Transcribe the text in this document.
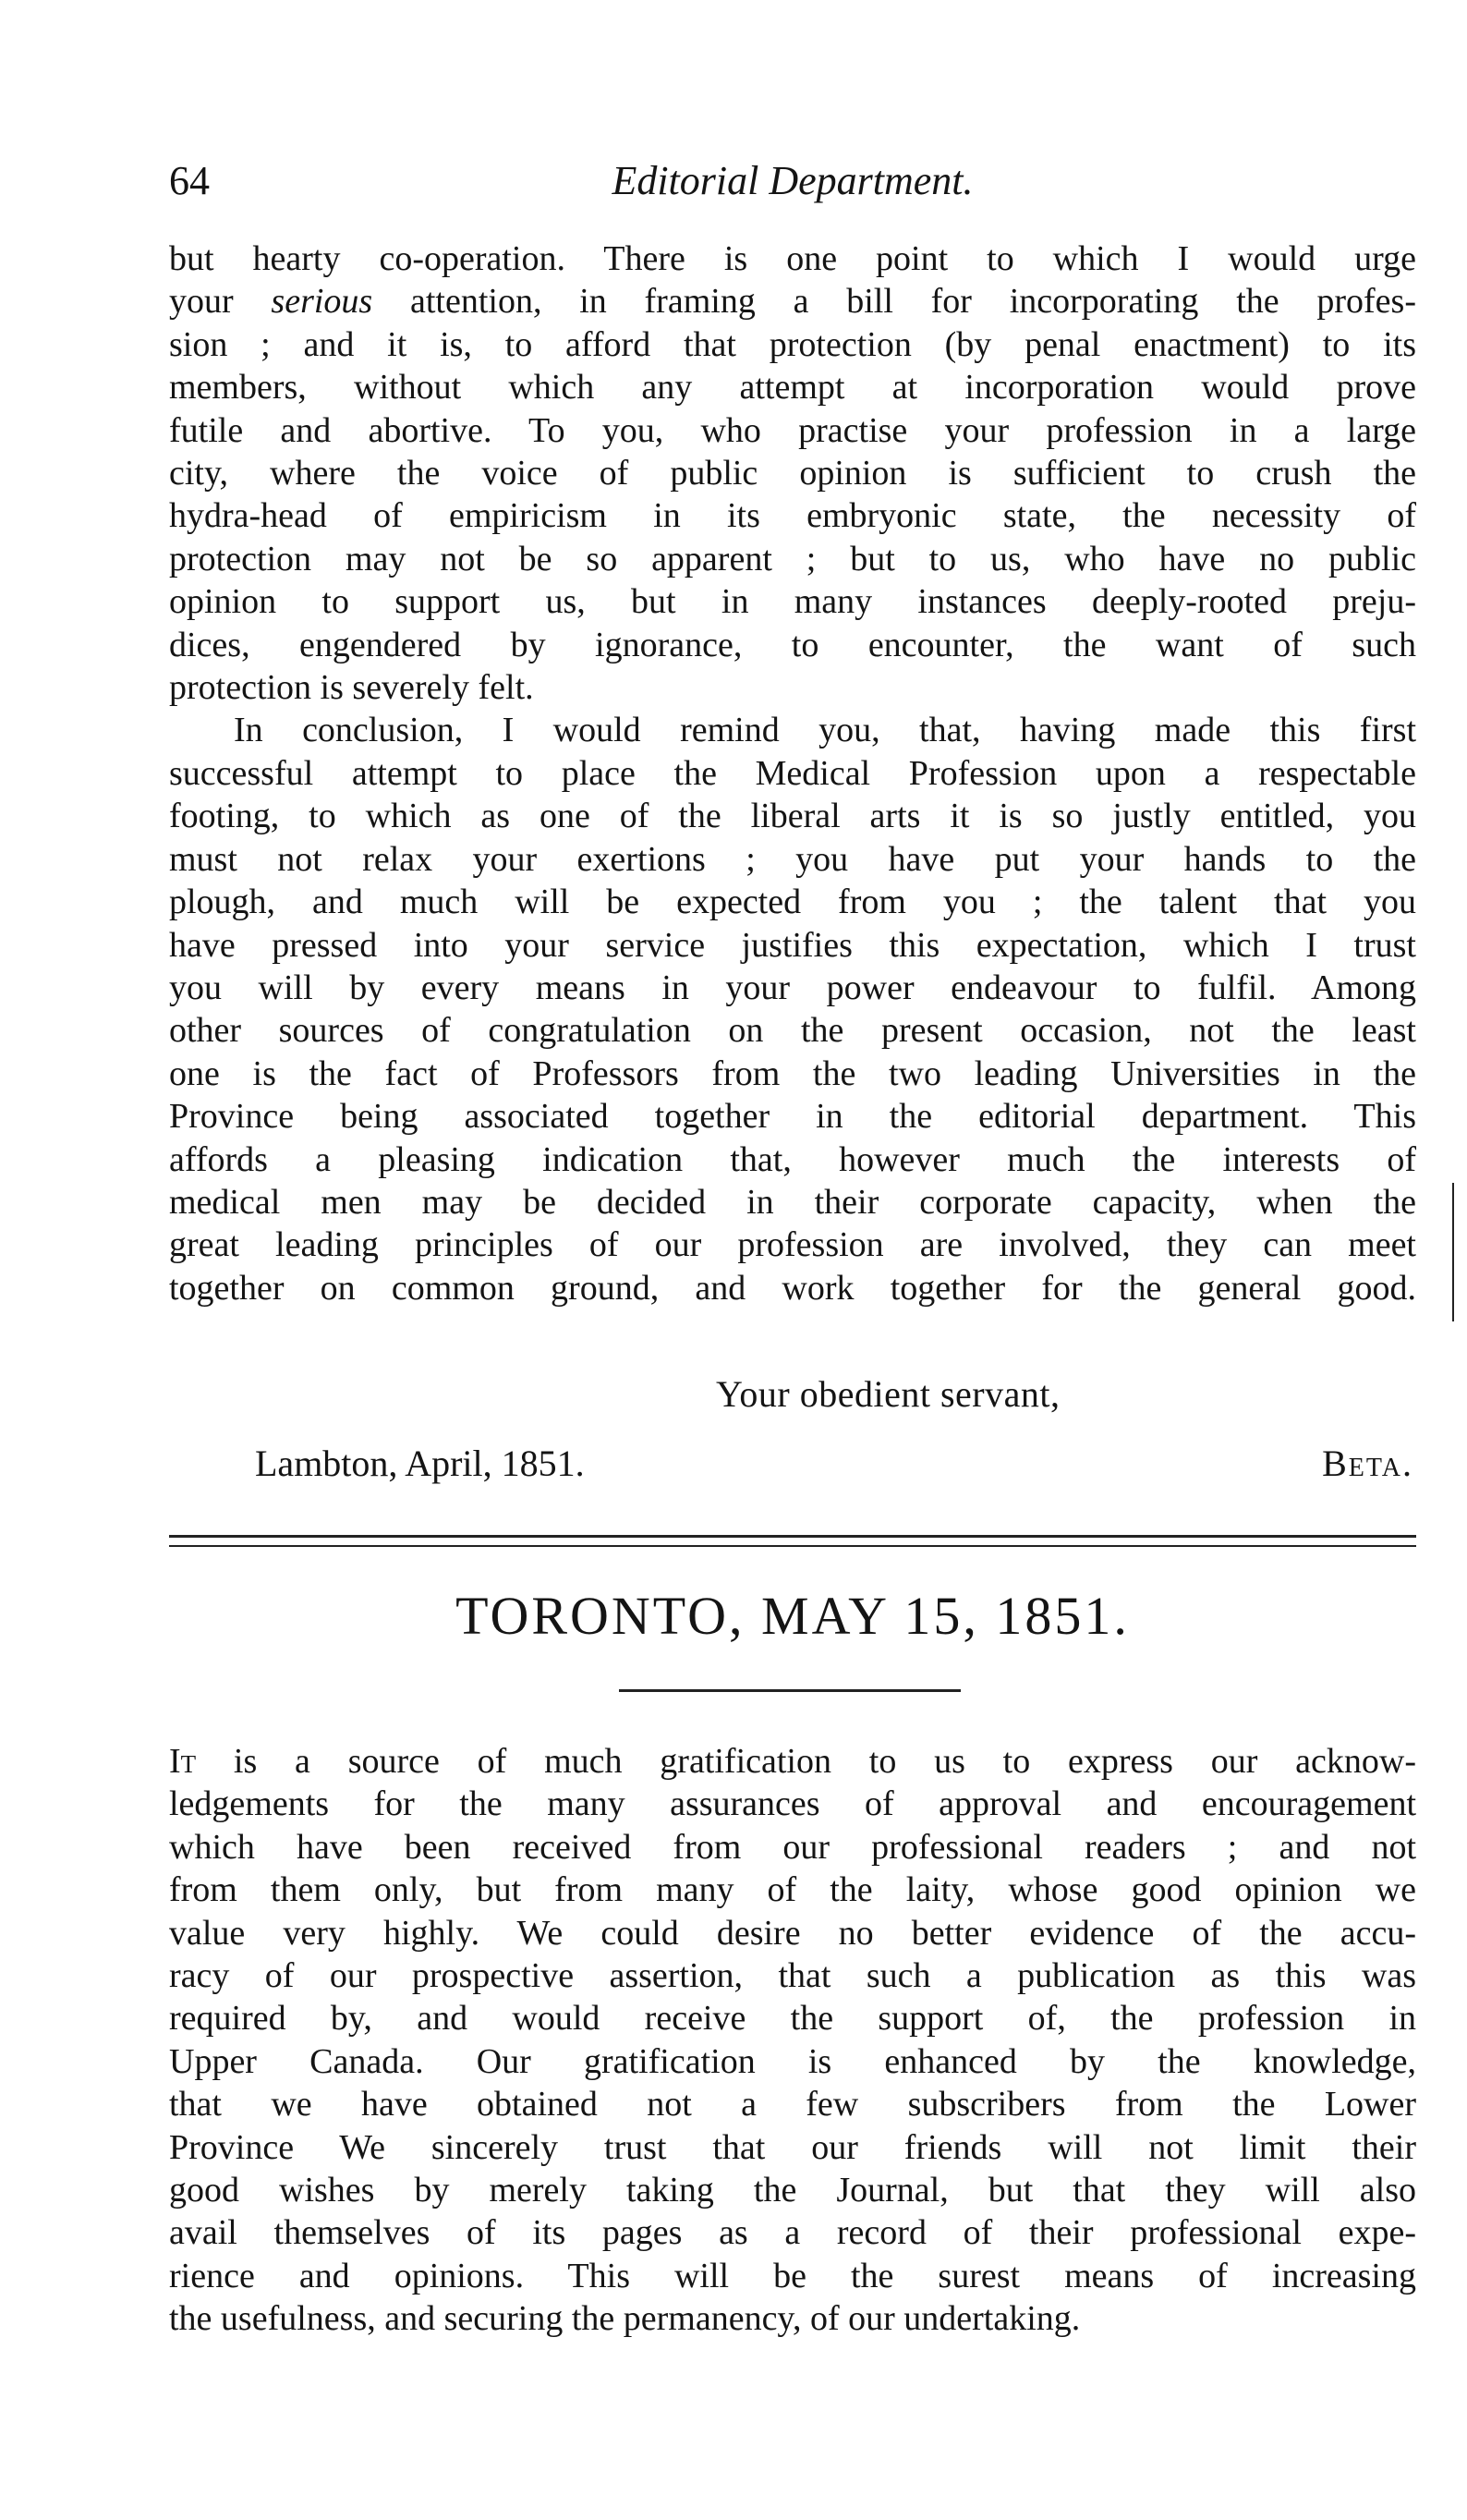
64	Editorial Department.
but hearty co-operation. There is one point to which I would urge
your serious attention, in framing a bill for incorporating the profes-
sion ; and it is, to afford that protection (by penal enactment) to its
members, without which any attempt at incorporation would prove
futile and abortive. To you, who practise your profession in a large
city, where the voice of public opinion is sufficient to crush the
hydra-head of empiricism in its embryonic state, the necessity of
protection may not be so apparent ; but to us, who have no public
opinion to support us, but in many instances deeply-rooted preju-
dices, engendered by ignorance, to encounter, the want of such
protection is severely felt.
In conclusion, I would remind you, that, having made this first
successful attempt to place the Medical Profession upon a respectable
footing, to which as one of the liberal arts it is so justly entitled, you
must not relax your exertions ; you have put your hands to the
plough, and much will be expected from you ; the talent that you
have pressed into your service justifies this expectation, which I trust
you will by every means in your power endeavour to fulfil. Among
other sources of congratulation on the present occasion, not the least
one is the fact of Professors from the two leading Universities in the
Province being associated together in the editorial department. This
affords a pleasing indication that, however much the interests of
medical men may be decided in their corporate capacity, when the
great leading principles of our profession are involved, they can meet
together on common ground, and work together for the general good.
Your obedient servant,
Lambton, April, 1851.	Beta.
TORONTO, MAY 15, 1851.
It is a source of much gratification to us to express our acknow-
ledgements for the many assurances of approval and encouragement
which have been received from our professional readers ; and not
from them only, but from many of the laity, whose good opinion we
value very highly. We could desire no better evidence of the accu-
racy of our prospective assertion, that such a publication as this was
required by, and would receive the support of, the profession in
Upper Canada. Our gratification is enhanced by the knowledge,
that we have obtained not a few subscribers from the Lower
Province We sincerely trust that our friends will not limit their
good wishes by merely taking the Journal, but that they will also
avail themselves of its pages as a record of their professional expe-
rience and opinions. This will be the surest means of increasing
the usefulness, and securing the permanency, of our undertaking.
